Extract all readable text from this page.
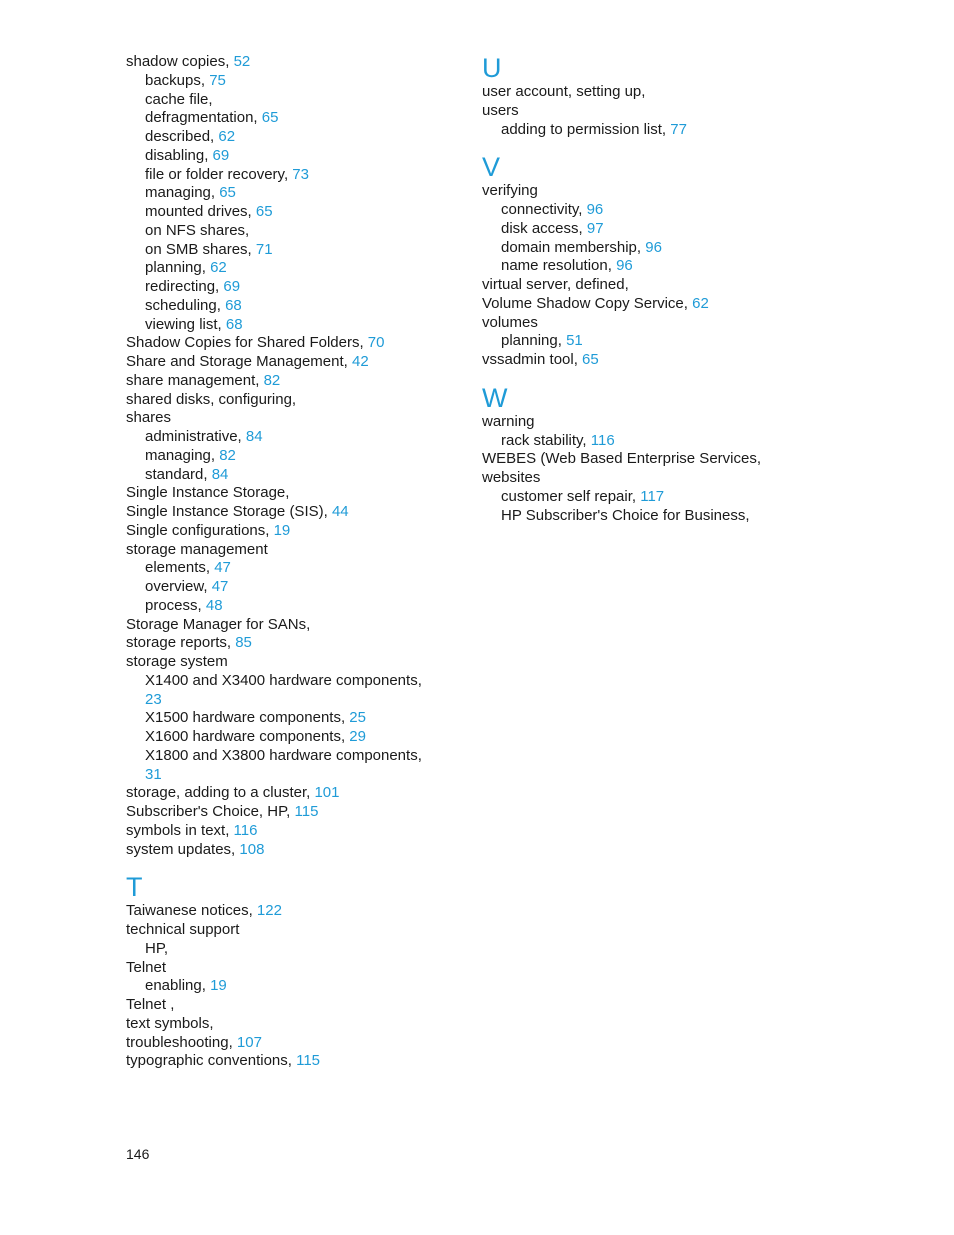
shadow copies, 52
backups, 75
cache file,
defragmentation, 65
described, 62
disabling, 69
file or folder recovery, 73
managing, 65
mounted drives, 65
on NFS shares,
on SMB shares, 71
planning, 62
redirecting, 69
scheduling, 68
viewing list, 68
Shadow Copies for Shared Folders, 70
Share and Storage Management, 42
share management, 82
shared disks, configuring,
shares
administrative, 84
managing, 82
standard, 84
Single Instance Storage,
Single Instance Storage (SIS), 44
Single configurations, 19
storage management
elements, 47
overview, 47
process, 48
Storage Manager for SANs,
storage reports, 85
storage system
X1400 and X3400 hardware components,
23
X1500 hardware components, 25
X1600 hardware components, 29
X1800 and X3800 hardware components,
31
storage, adding to a cluster, 101
Subscriber's Choice, HP, 115
symbols in text, 116
system updates, 108
T
Taiwanese notices, 122
technical support
HP,
Telnet
enabling, 19
Telnet ,
text symbols,
troubleshooting, 107
typographic conventions, 115
U
user account, setting up,
users
adding to permission list, 77
V
verifying
connectivity, 96
disk access, 97
domain membership, 96
name resolution, 96
virtual server, defined,
Volume Shadow Copy Service, 62
volumes
planning, 51
vssadmin tool, 65
W
warning
rack stability, 116
WEBES (Web Based Enterprise Services,
websites
customer self repair, 117
HP Subscriber's Choice for Business,
146
